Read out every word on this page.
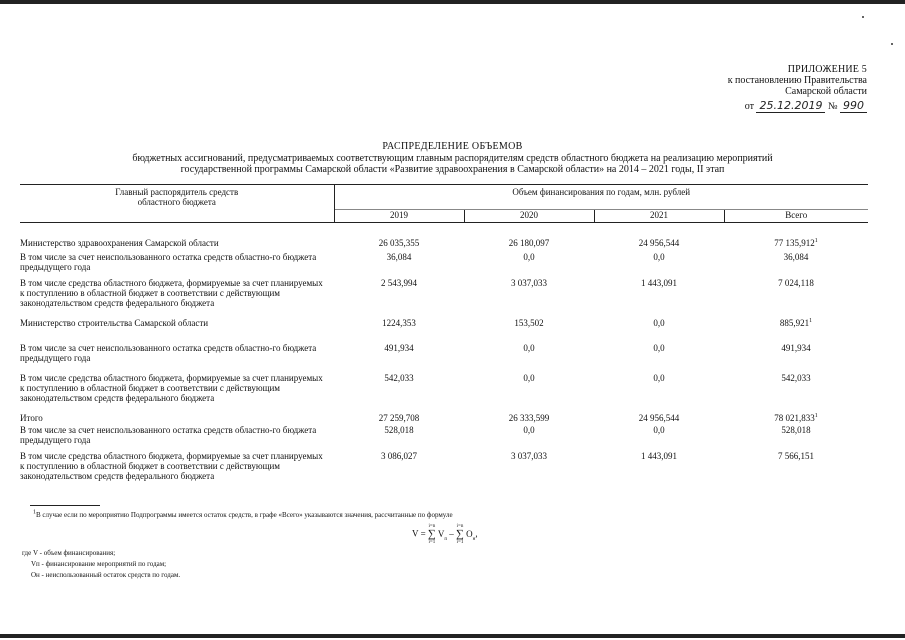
ПРИЛОЖЕНИЕ 5
к постановлению Правительства
Самарской области
от 25.12.2019 № 990
РАСПРЕДЕЛЕНИЕ ОБЪЕМОВ
бюджетных ассигнований, предусматриваемых соответствующим главным распорядителям средств областного бюджета на реализацию мероприятий
государственной программы Самарской области «Развитие здравоохранения в Самарской области» на 2014 – 2021 годы, II этап
Главный распорядитель средств областного бюджета	Объем финансирования по годам, млн. рублей			
	2019	2020	2021	Всего

Министерство здравоохранения Самарской области	26 035,355	26 180,097	24 956,544	77 135,912$^1$
В том числе за счет неиспользованного остатка средств областно-го бюджета предыдущего года	36,084	0,0	0,0	36,084
В том числе средства областного бюджета, формируемые за счет планируемых к поступлению в областной бюджет в соответствии с действующим законодательством средств федерального бюджета	2 543,994	3 037,033	1 443,091	7 024,118
Министерство строительства Самарской области	1224,353	153,502	0,0	885,921$^1$
В том числе за счет неиспользованного остатка средств областно-го бюджета предыдущего года	491,934	0,0	0,0	491,934
В том числе средства областного бюджета, формируемые за счет планируемых к поступлению в областной бюджет в соответствии с действующим законодательством средств федерального бюджета	542,033	0,0	0,0	542,033
Итого	27 259,708	26 333,599	24 956,544	78 021,833$^1$
В том числе за счет неиспользованного остатка средств областно-го бюджета предыдущего года	528,018	0,0	0,0	528,018
В том числе средства областного бюджета, формируемые за счет планируемых к поступлению в областной бюджет в соответствии с действующим законодательством средств федерального бюджета	3 086,027	3 037,033	1 443,091	7 566,151
$^1$В случае если по мероприятию Подпрограммы имеется остаток средств, в графе «Всего» указываются значения, рассчитанные по формуле
V = i=n
∑
i=1 $V_п - i=n$
∑
i=1 $O_н$,
где V - объем финансирования;
Vп - финансирование мероприятий по годам;
Oн - неиспользованный остаток средств по годам.
